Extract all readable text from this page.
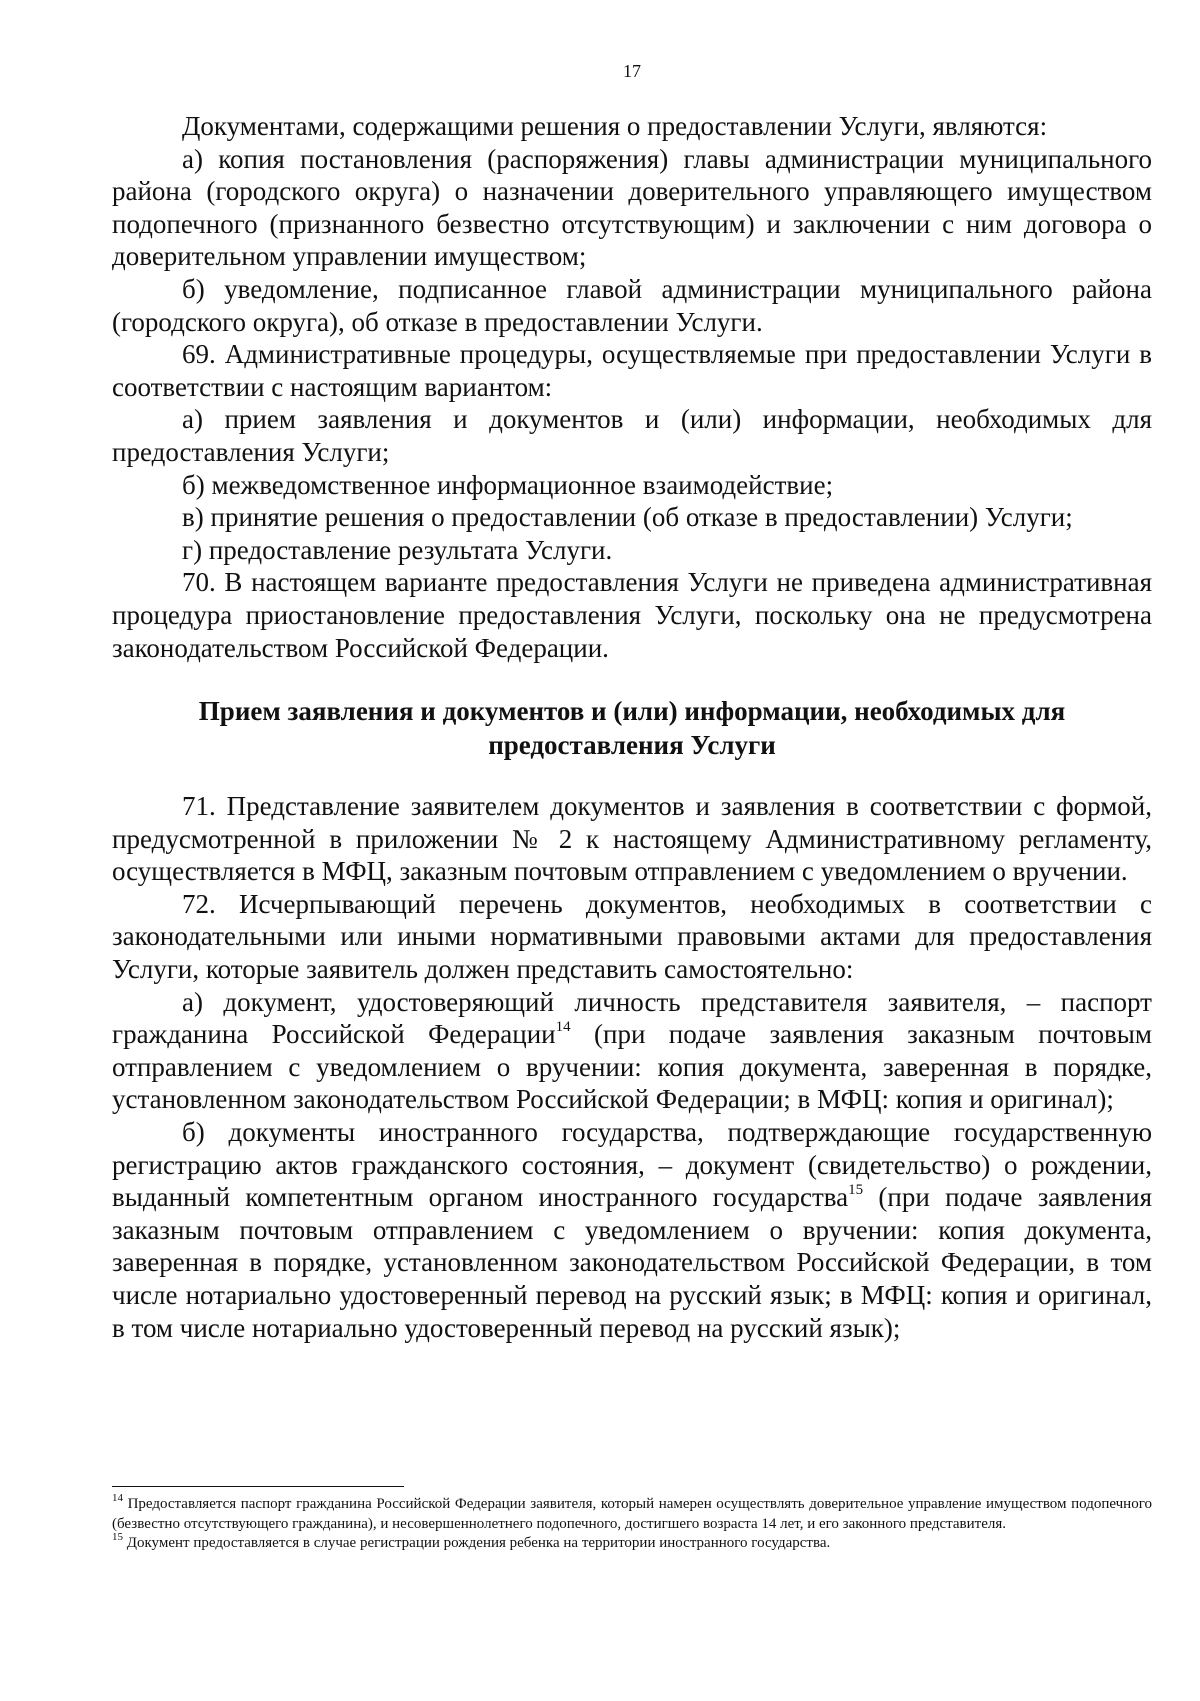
17

Документами, содержащими решения о предоставлении Услуги, являются:

а) копия постановления (распоряжения) главы администрации муниципального района (городского округа) о назначении доверительного управляющего имуществом подопечного (признанного безвестно отсутствующим) и заключении с ним договора о доверительном управлении имуществом;

б) уведомление, подписанное главой администрации муниципального района (городского округа), об отказе в предоставлении Услуги.

69. Административные процедуры, осуществляемые при предоставлении Услуги в соответствии с настоящим вариантом:

а) прием заявления и документов и (или) информации, необходимых для предоставления Услуги;

б) межведомственное информационное взаимодействие;

в) принятие решения о предоставлении (об отказе в предоставлении) Услуги;

г) предоставление результата Услуги.

70. В настоящем варианте предоставления Услуги не приведена административная процедура приостановление предоставления Услуги, поскольку она не предусмотрена законодательством Российской Федерации.

Прием заявления и документов и (или) информации, необходимых для
предоставления Услуги

71. Представление заявителем документов и заявления в соответствии с формой, предусмотренной в приложении № 2 к настоящему Административному регламенту, осуществляется в МФЦ, заказным почтовым отправлением с уведомлением о вручении.

72. Исчерпывающий перечень документов, необходимых в соответствии с законодательными или иными нормативными правовыми актами для предоставления Услуги, которые заявитель должен представить самостоятельно:

а) документ, удостоверяющий личность представителя заявителя, – паспорт гражданина Российской Федерации$^{14}$ (при подаче заявления заказным почтовым отправлением с уведомлением о вручении: копия документа, заверенная в порядке, установленном законодательством Российской Федерации; в МФЦ: копия и оригинал);

б) документы иностранного государства, подтверждающие государственную регистрацию актов гражданского состояния, – документ (свидетельство) о рождении, выданный компетентным органом иностранного государства$^{15}$ (при подаче заявления заказным почтовым отправлением с уведомлением о вручении: копия документа, заверенная в порядке, установленном законодательством Российской Федерации, в том числе нотариально удостоверенный перевод на русский язык; в МФЦ: копия и оригинал, в том числе нотариально удостоверенный перевод на русский язык);

$^{14}$ Предоставляется паспорт гражданина Российской Федерации заявителя, который намерен осуществлять доверительное управление имуществом подопечного (безвестно отсутствующего гражданина), и несовершеннолетнего подопечного, достигшего возраста 14 лет, и его законного представителя.

$^{15}$ Документ предоставляется в случае регистрации рождения ребенка на территории иностранного государства.
